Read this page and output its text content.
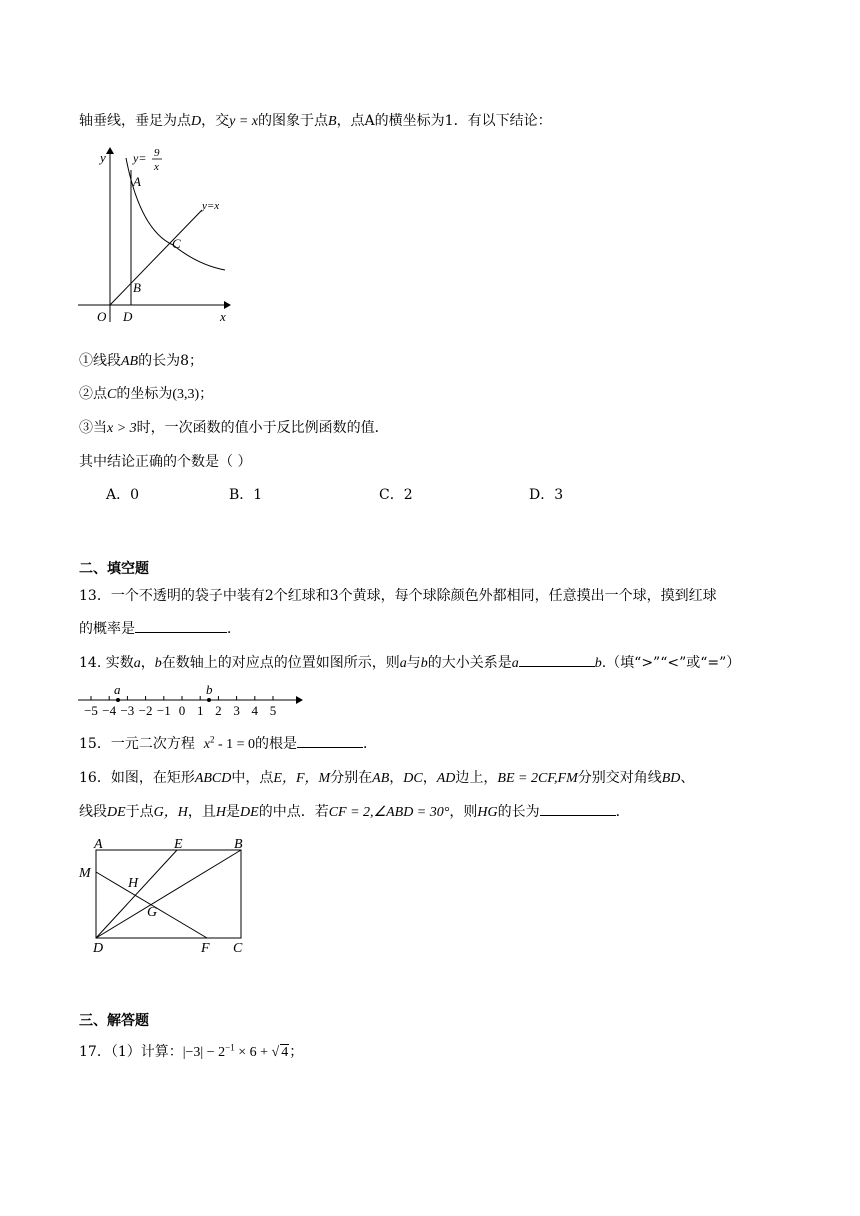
轴垂线，垂足为点D，交y = x的图象于点B，点A的横坐标为1．有以下结论：
y
x
O
y= 9
x
y=x
A
B
C
D
①线段AB的长为8；
②点C的坐标为(3,3)；
③当x > 3时，一次函数的值小于反比例函数的值．
其中结论正确的个数是（ ）
A．0	B．1	C．2	D．3
二、填空题
13．一个不透明的袋子中装有2个红球和3个黄球，每个球除颜色外都相同，任意摸出一个球，摸到红球
的概率是	．
14. 实数a，b在数轴上的对应点的位置如图所示，则a与b的大小关系是a	b.（填“>”“<”或“=”）
−5 −4 −3 −2 −1 0 1 2 3 4 5
a	b
15．一元二次方程 $x^2 - 1 = 0$的根是	．
16．如图，在矩形ABCD中，点E，F，M分别在AB，DC，AD边上，BE = 2CF,FM分别交对角线BD、
线段DE于点G，H，且H是DE的中点．若CF = 2,∠ABD = 30°，则HG的长为	．
A	E	B
M
H
G
D	F C
三、解答题
17．（1）计算：$|-3| - 2^{-1} \times 6$ + √ 4；
